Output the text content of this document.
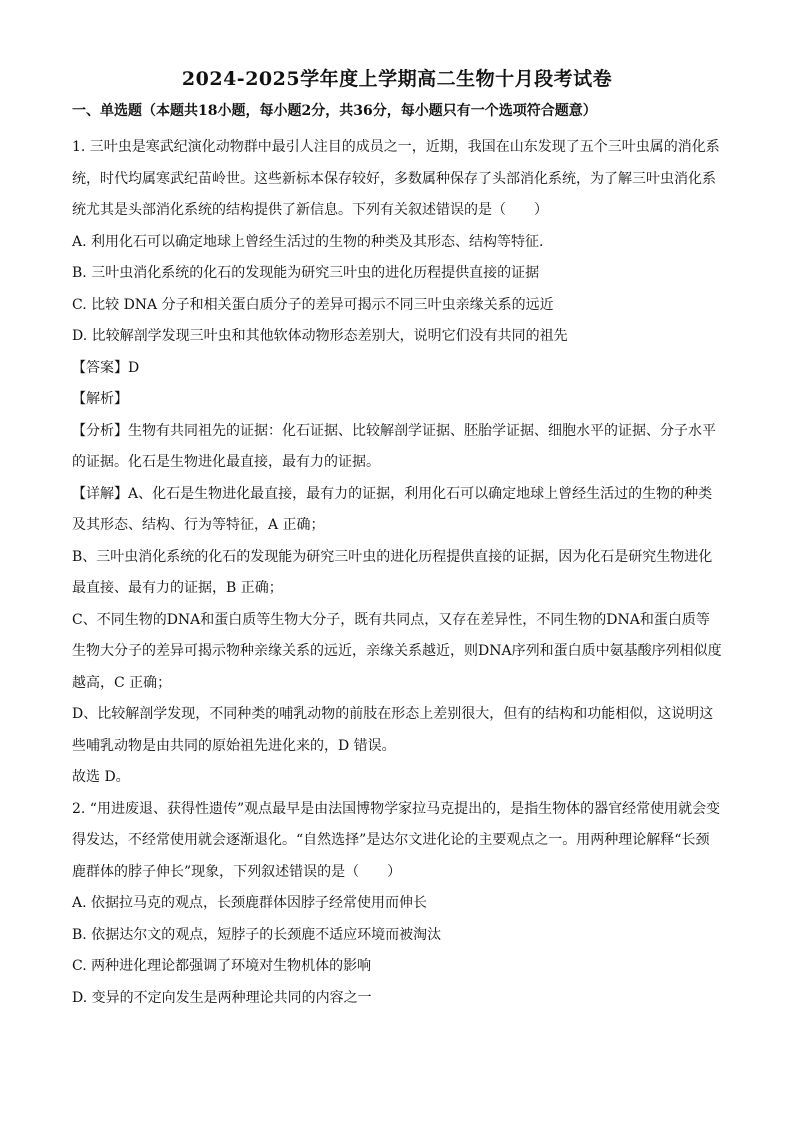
2024-2025学年度上学期高二生物十月段考试卷
一、单选题（本题共18小题，每小题2分，共36分，每小题只有一个选项符合题意）

1. 三叶虫是寒武纪演化动物群中最引人注目的成员之一，近期，我国在山东发现了五个三叶虫属的消化系统，时代均属寒武纪苗岭世。这些新标本保存较好，多数属种保存了头部消化系统，为了解三叶虫消化系统尤其是头部消化系统的结构提供了新信息。下列有关叙述错误的是（　　）

A. 利用化石可以确定地球上曾经生活过的生物的种类及其形态、结构等特征.
B. 三叶虫消化系统的化石的发现能为研究三叶虫的进化历程提供直接的证据
C. 比较 DNA 分子和相关蛋白质分子的差异可揭示不同三叶虫亲缘关系的远近
D. 比较解剖学发现三叶虫和其他软体动物形态差别大，说明它们没有共同的祖先
【答案】D
【解析】

【分析】生物有共同祖先的证据：化石证据、比较解剖学证据、胚胎学证据、细胞水平的证据、分子水平的证据。化石是生物进化最直接，最有力的证据。

【详解】A、化石是生物进化最直接，最有力的证据，利用化石可以确定地球上曾经生活过的生物的种类及其形态、结构、行为等特征，A 正确；

B、三叶虫消化系统的化石的发现能为研究三叶虫的进化历程提供直接的证据，因为化石是研究生物进化最直接、最有力的证据，B 正确；

C、不同生物的DNA和蛋白质等生物大分子，既有共同点，又存在差异性，不同生物的DNA和蛋白质等生物大分子的差异可揭示物种亲缘关系的远近，亲缘关系越近，则DNA序列和蛋白质中氨基酸序列相似度越高，C 正确；

D、比较解剖学发现，不同种类的哺乳动物的前肢在形态上差别很大，但有的结构和功能相似，这说明这些哺乳动物是由共同的原始祖先进化来的，D 错误。

故选 D。

2. “用进废退、获得性遗传”观点最早是由法国博物学家拉马克提出的，是指生物体的器官经常使用就会变得发达，不经常使用就会逐渐退化。“自然选择”是达尔文进化论的主要观点之一。用两种理论解释“长颈鹿群体的脖子伸长”现象，下列叙述错误的是（　　）

A. 依据拉马克的观点，长颈鹿群体因脖子经常使用而伸长
B. 依据达尔文的观点，短脖子的长颈鹿不适应环境而被淘汰
C. 两种进化理论都强调了环境对生物机体的影响
D. 变异的不定向发生是两种理论共同的内容之一
